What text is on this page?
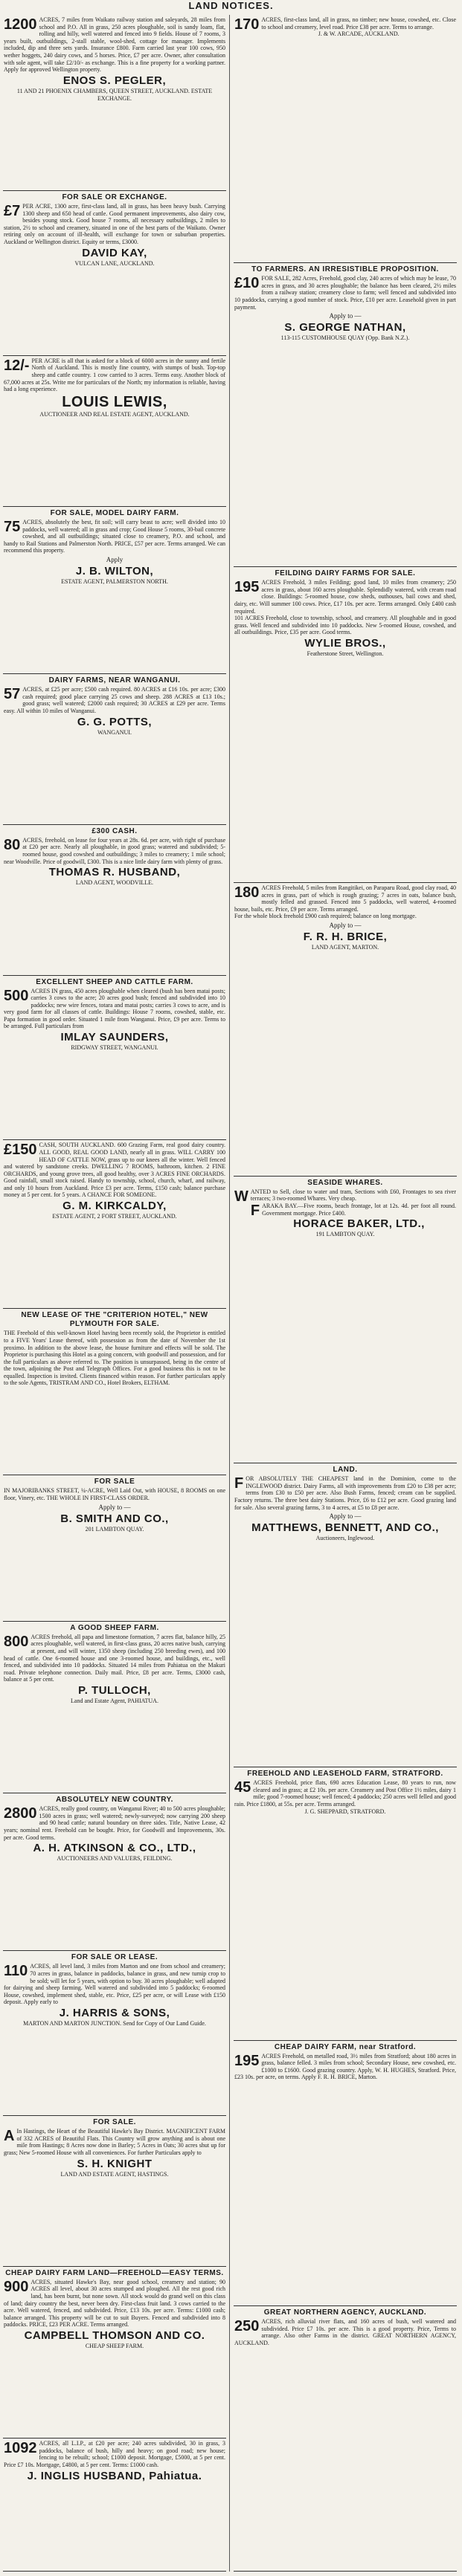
LAND NOTICES.

1200 ACRES, 7 miles from Waikato railway station and saleyards, 28 miles from school and P.O. All in grass, 250 acres ploughable, soil is sandy loam, flat, rolling and hilly, well watered and fenced into 9 fields. House of 7 rooms, 3 years built, outbuildings, 2-stall stable, wool-shed, cottage for manager. Implements included, dip and three sets yards. Insurance £800. Farm carried last year 100 cows, 950 wether hoggets, 240 dairy cows, and 5 horses. Price, £7 per acre. Owner, after consultation with sole agent, will take £2/10/- as exchange. This is a fine property for a working partner. Apply for approved Wellington property.

ENOS S. PEGLER,
11 AND 21 PHOENIX CHAMBERS, QUEEN STREET, AUCKLAND. ESTATE EXCHANGE.
FOR SALE OR EXCHANGE.

£7 PER ACRE, 1300 acre, first-class land, all in grass, has been heavy bush. Carrying 1300 sheep and 650 head of cattle. Good permanent improvements, also dairy cow, besides young stock. Good house 7 rooms, all necessary outbuildings, 2 miles to station, 2½ to school and creamery, situated in one of the best parts of the Waikato. Owner retiring only on account of ill-health, will exchange for town or suburban properties. Auckland or Wellington district. Equity or terms, £3000.

DAVID KAY,
VULCAN LANE, AUCKLAND.

12/- PER ACRE is all that is asked for a block of 6000 acres in the sunny and fertile North of Auckland. This is mostly fine country, with stumps of bush. Top-top sheep and cattle country. 1 cow carried to 3 acres. Terms easy. Another block of 67,000 acres at 25s. Write me for particulars of the North; my information is reliable, having had a long experience.

LOUIS LEWIS,
AUCTIONEER AND REAL ESTATE AGENT, AUCKLAND.
FOR SALE, MODEL DAIRY FARM.

75 ACRES, absolutely the best, fit soil; will carry beast to acre; well divided into 10 paddocks, well watered; all in grass and crop; Good House 5 rooms, 30-bail concrete cowshed, and all outbuildings; situated close to creamery, P.O. and school, and handy to Rail Stations and Palmerston North. PRICE, £57 per acre. Terms arranged. We can recommend this property.

Apply
J. B. WILTON,
ESTATE AGENT, PALMERSTON NORTH.
DAIRY FARMS, NEAR WANGANUI.

57 ACRES, at £25 per acre; £500 cash required. 80 ACRES at £16 10s. per acre; £300 cash required; good place carrying 25 cows and sheep. 288 ACRES at £13 10s.; good grass; well watered; £2000 cash required; 30 ACRES at £29 per acre. Terms easy. All within 10 miles of Wanganui.

G. G. POTTS,
WANGANUI.
£300 CASH.

80 ACRES, freehold, on lease for four years at 28s. 6d. per acre, with right of purchase at £20 per acre. Nearly all ploughable, in good grass; watered and subdivided; 5-roomed house, good cowshed and outbuildings; 3 miles to creamery; 1 mile school; near Woodville. Price of goodwill, £300. This is a nice little dairy farm with plenty of grass.

THOMAS R. HUSBAND,
LAND AGENT, WOODVILLE.
EXCELLENT SHEEP AND CATTLE FARM.

500 ACRES IN grass, 450 acres ploughable when cleared (bush has been matai posts; carries 3 cows to the acre; 20 acres good bush; fenced and subdivided into 10 paddocks; new wire fences, totara and matai posts; carries 3 cows to acre, and is very good farm for all classes of cattle. Buildings: House 7 rooms, cowshed, stable, etc. Papa formation in good order. Situated 1 mile from Wanganui. Price, £9 per acre. Terms to be arranged. Full particulars from

IMLAY SAUNDERS,
RIDGWAY STREET, WANGANUI.

£150 CASH, SOUTH AUCKLAND. 600 Grazing Farm, real good dairy country. ALL GOOD, REAL GOOD LAND, nearly all in grass. WILL CARRY 100 HEAD OF CATTLE NOW, grass up to our knees all the winter. Well fenced and watered by sandstone creeks. DWELLING 7 ROOMS, bathroom, kitchen. 2 FINE ORCHARDS, and young grove trees, all good healthy, over 3 ACRES FINE ORCHARDS. Good rainfall, small stock raised. Handy to township, school, church, wharf, and railway, and only 10 hours from Auckland. Price £3 per acre. Terms, £150 cash; balance purchase money at 5 per cent. for 5 years. A CHANCE FOR SOMEONE.

G. M. KIRKCALDY,
ESTATE AGENT, 2 FORT STREET, AUCKLAND.
NEW LEASE OF THE "CRITERION HOTEL," NEW PLYMOUTH FOR SALE.

THE Freehold of this well-known Hotel having been recently sold, the Proprietor is entitled to a FIVE Years' Lease thereof, with possession as from the date of November the 1st proximo. In addition to the above lease, the house furniture and effects will be sold. The Proprietor is purchasing this Hotel as a going concern, with goodwill and possession, and for the full particulars as above referred to. The position is unsurpassed, being in the centre of the town, adjoining the Post and Telegraph Offices. For a good business this is not to be equalled. Inspection is invited. Clients financed within reason. For further particulars apply to the sole Agents, TRISTRAM AND CO., Hotel Brokers, ELTHAM.

FOR SALE

IN MAJORIBANKS STREET, ¼-ACRE, Well Laid Out, with HOUSE, 8 ROOMS on one floor, Vinery, etc. THE WHOLE IN FIRST-CLASS ORDER.

Apply to —
B. SMITH AND CO.,
201 LAMBTON QUAY.
A GOOD SHEEP FARM.

800 ACRES freehold, all papa and limestone formation, 7 acres flat, balance hilly, 25 acres ploughable, well watered, in first-class grass, 20 acres native bush, carrying at present, and will winter, 1350 sheep (including 250 breeding ewes), and 100 head of cattle. One 6-roomed house and one 3-roomed house, and buildings, etc., well fenced, and subdivided into 10 paddocks. Situated 14 miles from Pahiatua on the Makuri road. Private telephone connection. Daily mail. Price, £8 per acre. Terms, £3000 cash, balance at 5 per cent.

P. TULLOCH,
Land and Estate Agent, PAHIATUA.
ABSOLUTELY NEW COUNTRY.

2800 ACRES, really good country, on Wanganui River; 40 to 500 acres ploughable; 1500 acres in grass; well watered; newly-surveyed; now carrying 200 sheep and 90 head cattle; natural boundary on three sides. Title, Native Lease, 42 years; nominal rent. Freehold can be bought. Price, for Goodwill and Improvements, 30s. per acre. Good terms.

A. H. ATKINSON & CO., LTD.,
AUCTIONEERS AND VALUERS, FEILDING.
FOR SALE OR LEASE.

110 ACRES, all level land, 3 miles from Marton and one from school and creamery; 70 acres in grass, balance in paddocks, balance in grass, and new turnip crop to be sold; will let for 5 years, with option to buy. 30 acres ploughable; well adapted for dairying and sheep farming. Well watered and subdivided into 5 paddocks; 6-roomed House, cowshed, implement shed, stable, etc. Price, £25 per acre, or will Lease with £150 deposit. Apply early to

J. HARRIS & SONS,
MARTON AND MARTON JUNCTION. Send for Copy of Our Land Guide.
FOR SALE.

A In Hastings, the Heart of the Beautiful Hawke's Bay District. MAGNIFICENT FARM of 332 ACRES of Beautiful Flats. This Country will grow anything and is about one mile from Hastings; 8 Acres now done in Barley; 5 Acres in Oats; 30 acres shut up for grass; New 5-roomed House with all conveniences. For further Particulars apply to

S. H. KNIGHT
LAND AND ESTATE AGENT, HASTINGS.
CHEAP DAIRY FARM LAND—FREEHOLD—EASY TERMS.

900 ACRES, situated Hawke's Bay, near good school, creamery and station; 90 ACRES all level, about 30 acres stumped and ploughed. All the rest good rich land, has been burnt, but none sown. All stock would do grand well on this class of land; dairy country the best, never been dry. First-class fruit land. 3 cows carried to the acre. Well watered, fenced, and subdivided. Price, £13 10s. per acre. Terms: £1000 cash; balance arranged. This property will be cut to suit Buyers. Fenced and subdivided into 8 paddocks. PRICE, £23 PER ACRE. Terms arranged.

CAMPBELL THOMSON AND CO.
CHEAP SHEEP FARM.

1092 ACRES, all L.I.P., at £20 per acre; 240 acres subdivided, 30 in grass, 3 paddocks, balance of bush, hilly and heavy; on good road; new house; fencing to be rebuilt; school; £1000 deposit. Mortgage, £5000, at 5 per cent. Price £7 10s. Mortgage, £4800, at 5 per cent. Terms: £1000 cash.

J. INGLIS HUSBAND, Pahiatua.

170 ACRES, first-class land, all in grass, no timber; new house, cowshed, etc. Close to school and creamery, level road. Price £38 per acre. Terms to arrange.

J. & W. ARCADE, AUCKLAND.
TO FARMERS. AN IRRESISTIBLE PROPOSITION.

£10 FOR SALE, 282 Acres, Freehold, good clay, 240 acres of which may be lease, 70 acres in grass, and 30 acres ploughable; the balance has been cleared, 2½ miles from a railway station; creamery close to farm; well fenced and subdivided into 10 paddocks, carrying a good number of stock. Price, £10 per acre. Leasehold given in part payment.

Apply to —
S. GEORGE NATHAN,
113-115 CUSTOMHOUSE QUAY (Opp. Bank N.Z.).
FEILDING DAIRY FARMS FOR SALE.

195 ACRES Freehold, 3 miles Feilding; good land, 10 miles from creamery; 250 acres in grass, about 160 acres ploughable. Splendidly watered, with cream road close. Buildings: 5-roomed house, cow sheds, outhouses, bail cows and shed, dairy, etc. Will summer 100 cows. Price, £17 10s. per acre. Terms arranged. Only £400 cash required.

101 ACRES Freehold, close to township, school, and creamery. All ploughable and in good grass. Well fenced and subdivided into 10 paddocks. New 5-roomed House, cowshed, and all outbuildings. Price, £35 per acre. Good terms.

WYLIE BROS.,
Featherstone Street, Wellington.

180 ACRES Freehold, 5 miles from Rangitikei, on Paraparu Road, good clay road, 40 acres in grass, part of which is rough grazing; 7 acres in oats, balance bush, mostly felled and grassed. Fenced into 5 paddocks, well watered, 4-roomed house, bails, etc. Price, £9 per acre. Terms arranged.

For the whole block freehold £900 cash required; balance on long mortgage.

Apply to —
F. R. H. BRICE,
LAND AGENT, MARTON.
SEASIDE WHARES.

WANTED to Sell, close to water and tram, Sections with £60, Frontages to sea river terraces; 3 two-roomed Whares. Very cheap.

FARAKA BAY.—Five rooms, beach frontage, lot at 12s. 4d. per foot all round. Government mortgage. Price £400.

HORACE BAKER, LTD.,
191 LAMBTON QUAY.
LAND.

FOR ABSOLUTELY THE CHEAPEST land in the Dominion, come to the INGLEWOOD district. Dairy Farms, all with improvements from £20 to £38 per acre; terms from £30 to £50 per acre. Also Bush Farms, fenced; cream can be supplied. Factory returns. The three best dairy Stations. Price, £6 to £12 per acre. Good grazing land for sale. Also several grazing farms, 3 to 4 acres, at £5 to £8 per acre.

Apply to —
MATTHEWS, BENNETT, AND CO.,
Auctioneers, Inglewood.
FREEHOLD AND LEASEHOLD FARM, STRATFORD.

45 ACRES Freehold, price flats, 690 acres Education Lease, 80 years to run, now cleared and in grass; at £2 10s. per acre. Creamery and Post Office 1½ miles, dairy 1 mile; good 7-roomed house; well fenced; 4 paddocks; 250 acres well felled and good rain. Price £1800, at 55s. per acre. Terms arranged.

J. G. SHEPPARD, STRATFORD.
CHEAP DAIRY FARM, near Stratford.

195 ACRES Freehold, on metalled road, 3½ miles from Stratford; about 180 acres in grass, balance felled. 3 miles from school; Secondary House, new cowshed, etc. £1000 to £1600. Good grazing country. Apply, W. H. HUGHES, Stratford. Price, £23 10s. per acre, on terms. Apply F. R. H. BRICE, Marton.

GREAT NORTHERN AGENCY, AUCKLAND.

250 ACRES, rich alluvial river flats, and 160 acres of bush, well watered and subdivided. Price £7 10s. per acre. This is a good property. Price, Terms to arrange. Also other Farms in the district. GREAT NORTHERN AGENCY, AUCKLAND.
